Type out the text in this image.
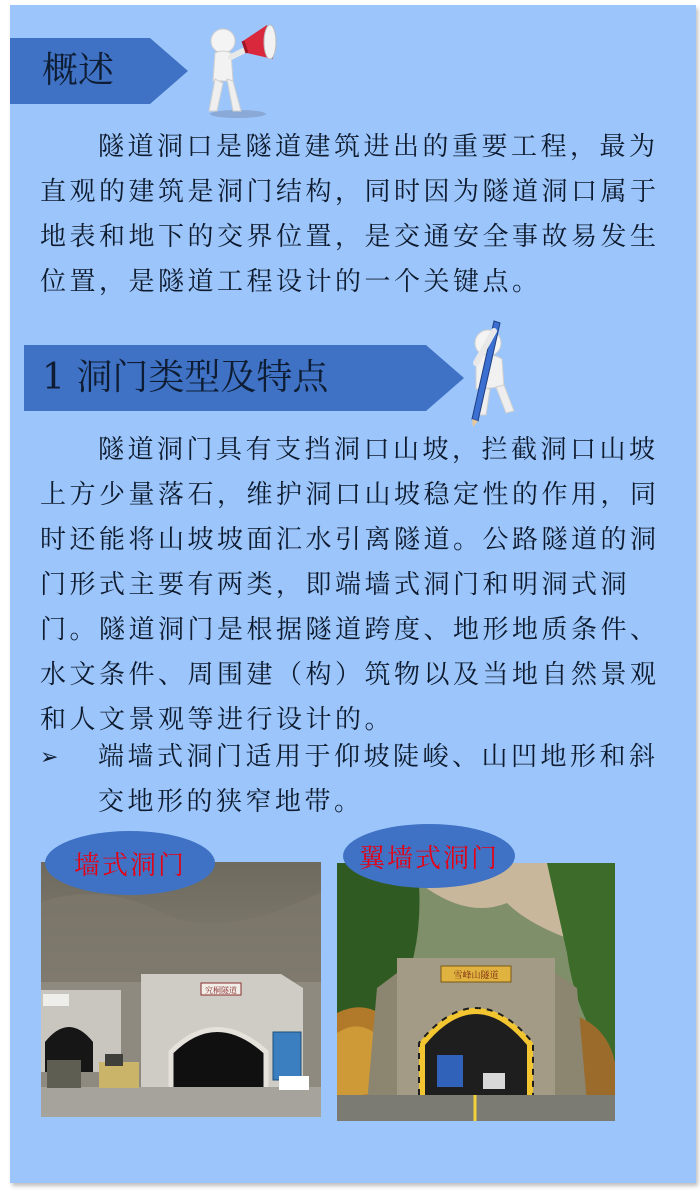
概述

隧道洞口是隧道建筑进出的重要工程，最为直观的建筑是洞门结构，同时因为隧道洞口属于地表和地下的交界位置，是交通安全事故易发生位置，是隧道工程设计的一个关键点。

1 洞门类型及特点

隧道洞门具有支挡洞口山坡，拦截洞口山坡上方少量落石，维护洞口山坡稳定性的作用，同时还能将山坡坡面汇水引离隧道。公路隧道的洞门形式主要有两类，即端墙式洞门和明洞式洞门。隧道洞门是根据隧道跨度、地形地质条件、水文条件、周围建（构）筑物以及当地自然景观和人文景观等进行设计的。

➢ 端墙式洞门适用于仰坡陡峻、山凹地形和斜交地形的狭窄地带。
究桐隧道
墙式洞门
雪峰山隧道
翼墙式洞门
